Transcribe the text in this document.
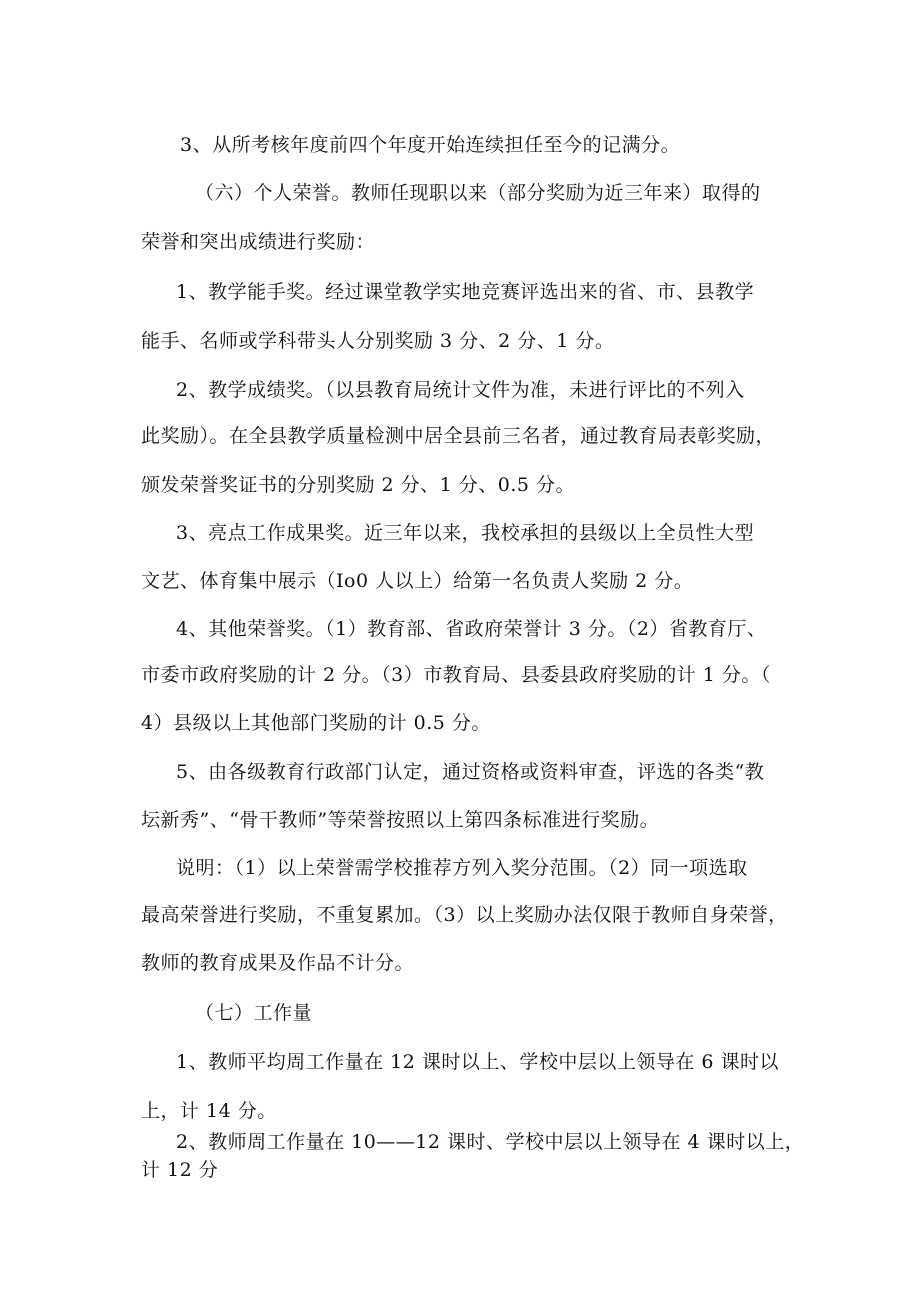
3、从所考核年度前四个年度开始连续担任至今的记满分。

（六）个人荣誉。教师任现职以来（部分奖励为近三年来）取得的

荣誉和突出成绩进行奖励：

1、教学能手奖。经过课堂教学实地竞赛评选出来的省、市、县教学

能手、名师或学科带头人分别奖励 3 分、2 分、1 分。

2、教学成绩奖。（以县教育局统计文件为准，未进行评比的不列入

此奖励）。在全县教学质量检测中居全县前三名者，通过教育局表彰奖励，

颁发荣誉奖证书的分别奖励 2 分、1 分、0.5 分。

3、亮点工作成果奖。近三年以来，我校承担的县级以上全员性大型

文艺、体育集中展示（Io0 人以上）给第一名负责人奖励 2 分。

4、其他荣誉奖。（1）教育部、省政府荣誉计 3 分。（2）省教育厅、

市委市政府奖励的计 2 分。（3）市教育局、县委县政府奖励的计 1 分。（

4）县级以上其他部门奖励的计 0.5 分。

5、由各级教育行政部门认定，通过资格或资料审查，评选的各类“教

坛新秀”、“骨干教师”等荣誉按照以上第四条标准进行奖励。

说明：（1）以上荣誉需学校推荐方列入奖分范围。（2）同一项选取

最高荣誉进行奖励，不重复累加。（3）以上奖励办法仅限于教师自身荣誉，

教师的教育成果及作品不计分。

（七）工作量

1、教师平均周工作量在 12 课时以上、学校中层以上领导在 6 课时以

上，计 14 分。

2、教师周工作量在 10——12 课时、学校中层以上领导在 4 课时以上，

计 12 分
